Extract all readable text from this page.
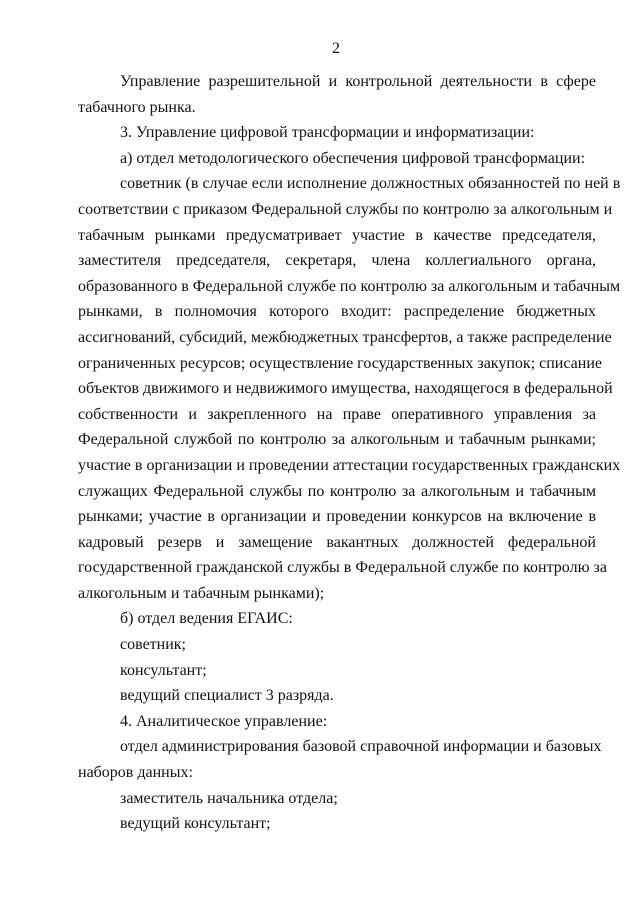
2
Управление разрешительной и контрольной деятельности в сфере
табачного рынка.
3. Управление цифровой трансформации и информатизации:
а) отдел методологического обеспечения цифровой трансформации:
советник (в случае если исполнение должностных обязанностей по ней в
соответствии с приказом Федеральной службы по контролю за алкогольным и
табачным рынками предусматривает участие в качестве председателя,
заместителя председателя, секретаря, члена коллегиального органа,
образованного в Федеральной службе по контролю за алкогольным и табачным
рынками, в полномочия которого входит: распределение бюджетных
ассигнований, субсидий, межбюджетных трансфертов, а также распределение
ограниченных ресурсов; осуществление государственных закупок; списание
объектов движимого и недвижимого имущества, находящегося в федеральной
собственности и закрепленного на праве оперативного управления за
Федеральной службой по контролю за алкогольным и табачным рынками;
участие в организации и проведении аттестации государственных гражданских
служащих Федеральной службы по контролю за алкогольным и табачным
рынками; участие в организации и проведении конкурсов на включение в
кадровый резерв и замещение вакантных должностей федеральной
государственной гражданской службы в Федеральной службе по контролю за
алкогольным и табачным рынками);
б) отдел ведения ЕГАИС:
советник;
консультант;
ведущий специалист 3 разряда.
4. Аналитическое управление:
отдел администрирования базовой справочной информации и базовых
наборов данных:
заместитель начальника отдела;
ведущий консультант;
